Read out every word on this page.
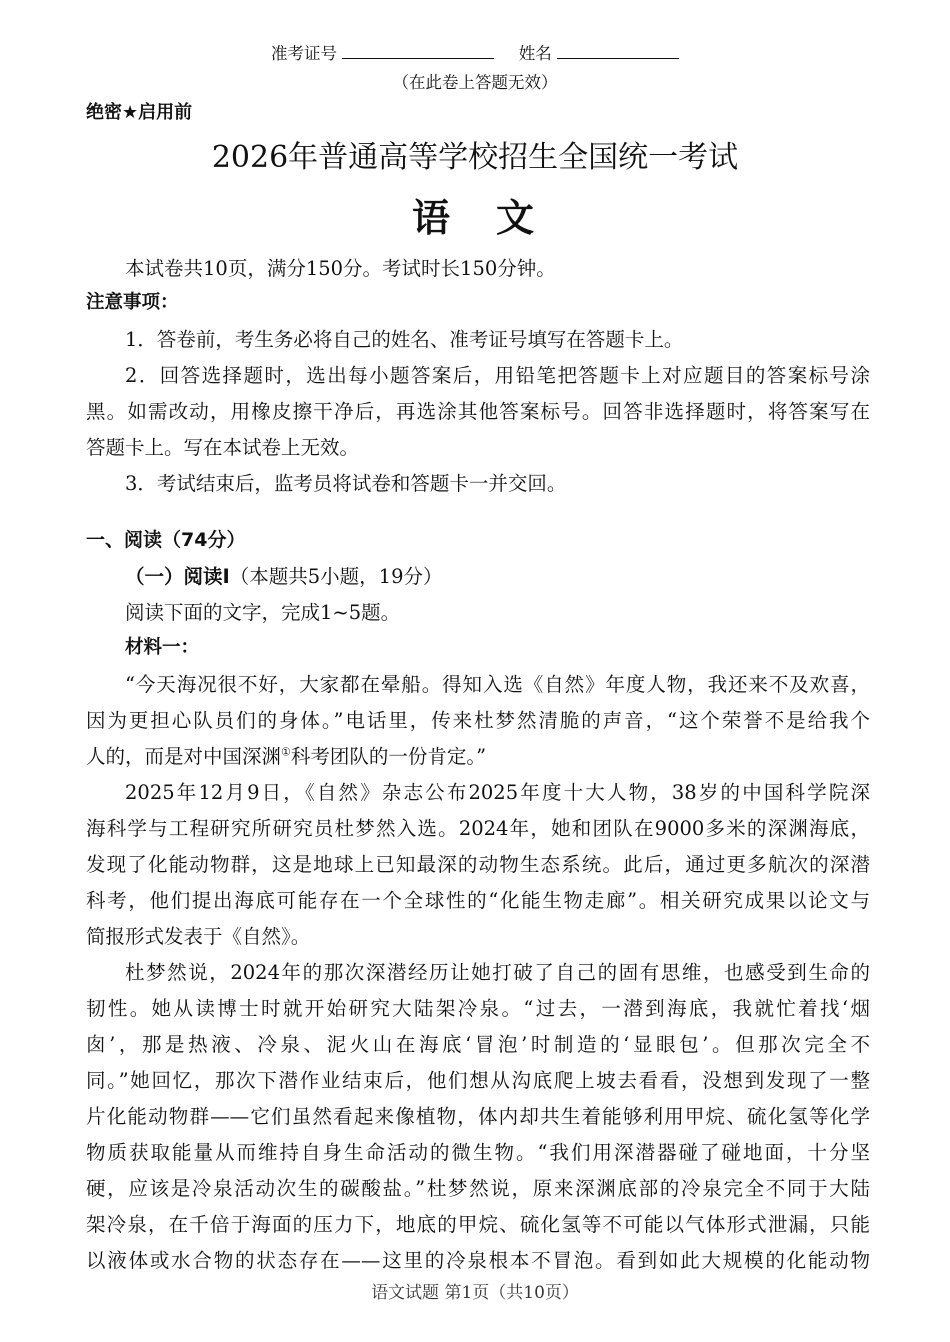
准考证号	姓名
（在此卷上答题无效）
绝密★启用前
2026年普通高等学校招生全国统一考试
语　文
本试卷共10页，满分150分。考试时长150分钟。
注意事项：
1．答卷前，考生务必将自己的姓名、准考证号填写在答题卡上。
2．回答选择题时，选出每小题答案后，用铅笔把答题卡上对应题目的答案标号涂
黑。如需改动，用橡皮擦干净后，再选涂其他答案标号。回答非选择题时，将答案写在
答题卡上。写在本试卷上无效。
3．考试结束后，监考员将试卷和答题卡一并交回。
一、阅读（74分）
（一）阅读Ⅰ（本题共5小题，19分）
阅读下面的文字，完成1~5题。
材料一：
“今天海况很不好，大家都在晕船。得知入选《自然》年度人物，我还来不及欢喜，
因为更担心队员们的身体。”电话里，传来杜梦然清脆的声音，“这个荣誉不是给我个
人的，而是对中国深渊①科考团队的一份肯定。”
2025年12月9日，《自然》杂志公布2025年度十大人物，38岁的中国科学院深
海科学与工程研究所研究员杜梦然入选。2024年，她和团队在9000多米的深渊海底，
发现了化能动物群，这是地球上已知最深的动物生态系统。此后，通过更多航次的深潜
科考，他们提出海底可能存在一个全球性的“化能生物走廊”。相关研究成果以论文与
简报形式发表于《自然》。
杜梦然说，2024年的那次深潜经历让她打破了自己的固有思维，也感受到生命的
韧性。她从读博士时就开始研究大陆架冷泉。“过去，一潜到海底，我就忙着找‘烟
囱’，那是热液、冷泉、泥火山在海底‘冒泡’时制造的‘显眼包’。但那次完全不
同。”她回忆，那次下潜作业结束后，他们想从沟底爬上坡去看看，没想到发现了一整
片化能动物群——它们虽然看起来像植物，体内却共生着能够利用甲烷、硫化氢等化学
物质获取能量从而维持自身生命活动的微生物。“我们用深潜器碰了碰地面，十分坚
硬，应该是冷泉活动次生的碳酸盐。”杜梦然说，原来深渊底部的冷泉完全不同于大陆
架冷泉，在千倍于海面的压力下，地底的甲烷、硫化氢等不可能以气体形式泄漏，只能
以液体或水合物的状态存在——这里的冷泉根本不冒泡。看到如此大规模的化能动物
语文试题 第1页（共10页）
